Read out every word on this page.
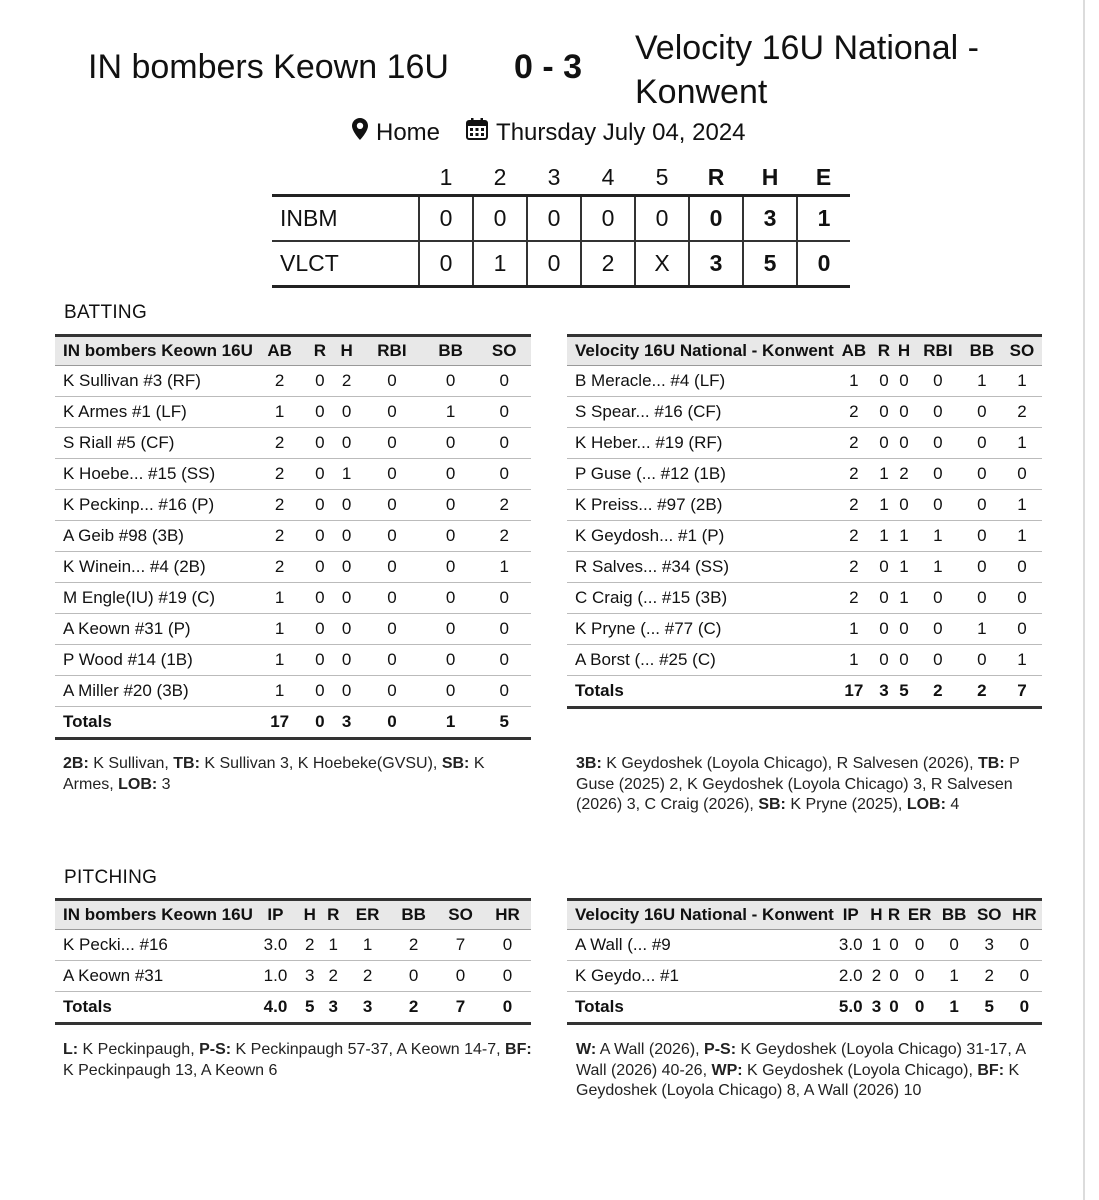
IN bombers Keown 16U 0 - 3 Velocity 16U National - Konwent
Home Thursday July 04, 2024
	1	2	3	4	5	R	H	E
INBM	0	0	0	0	0	0	3	1
VLCT	0	1	0	2	X	3	5	0
BATTING
IN bombers Keown 16U	AB	R	H	RBI	BB	SO
K Sullivan #3 (RF)	2	0	2	0	0	0
K Armes #1 (LF)	1	0	0	0	1	0
S Riall #5 (CF)	2	0	0	0	0	0
K Hoebe... #15 (SS)	2	0	1	0	0	0
K Peckinp... #16 (P)	2	0	0	0	0	2
A Geib #98 (3B)	2	0	0	0	0	2
K Winein... #4 (2B)	2	0	0	0	0	1
M Engle(IU) #19 (C)	1	0	0	0	0	0
A Keown #31 (P)	1	0	0	0	0	0
P Wood #14 (1B)	1	0	0	0	0	0
A Miller #20 (3B)	1	0	0	0	0	0
Totals	17	0	3	0	1	5
Velocity 16U National - Konwent	AB	R	H	RBI	BB	SO
B Meracle... #4 (LF)	1	0	0	0	1	1
S Spear... #16 (CF)	2	0	0	0	0	2
K Heber... #19 (RF)	2	0	0	0	0	1
P Guse (... #12 (1B)	2	1	2	0	0	0
K Preiss... #97 (2B)	2	1	0	0	0	1
K Geydosh... #1 (P)	2	1	1	1	0	1
R Salves... #34 (SS)	2	0	1	1	0	0
C Craig (... #15 (3B)	2	0	1	0	0	0
K Pryne (... #77 (C)	1	0	0	0	1	0
A Borst (... #25 (C)	1	0	0	0	0	1
Totals	17	3	5	2	2	7
2B: K Sullivan, TB: K Sullivan 3, K Hoebeke(GVSU), SB: K Armes, LOB: 3
3B: K Geydoshek (Loyola Chicago), R Salvesen (2026), TB: P Guse (2025) 2, K Geydoshek (Loyola Chicago) 3, R Salvesen (2026) 3, C Craig (2026), SB: K Pryne (2025), LOB: 4
PITCHING
IN bombers Keown 16U	IP	H	R	ER	BB	SO	HR
K Pecki... #16	3.0	2	1	1	2	7	0
A Keown #31	1.0	3	2	2	0	0	0
Totals	4.0	5	3	3	2	7	0
Velocity 16U National - Konwent	IP	H	R	ER	BB	SO	HR
A Wall (... #9	3.0	1	0	0	0	3	0
K Geydo... #1	2.0	2	0	0	1	2	0
Totals	5.0	3	0	0	1	5	0
L: K Peckinpaugh, P-S: K Peckinpaugh 57-37, A Keown 14-7, BF: K Peckinpaugh 13, A Keown 6
W: A Wall (2026), P-S: K Geydoshek (Loyola Chicago) 31-17, A Wall (2026) 40-26, WP: K Geydoshek (Loyola Chicago), BF: K Geydoshek (Loyola Chicago) 8, A Wall (2026) 10
